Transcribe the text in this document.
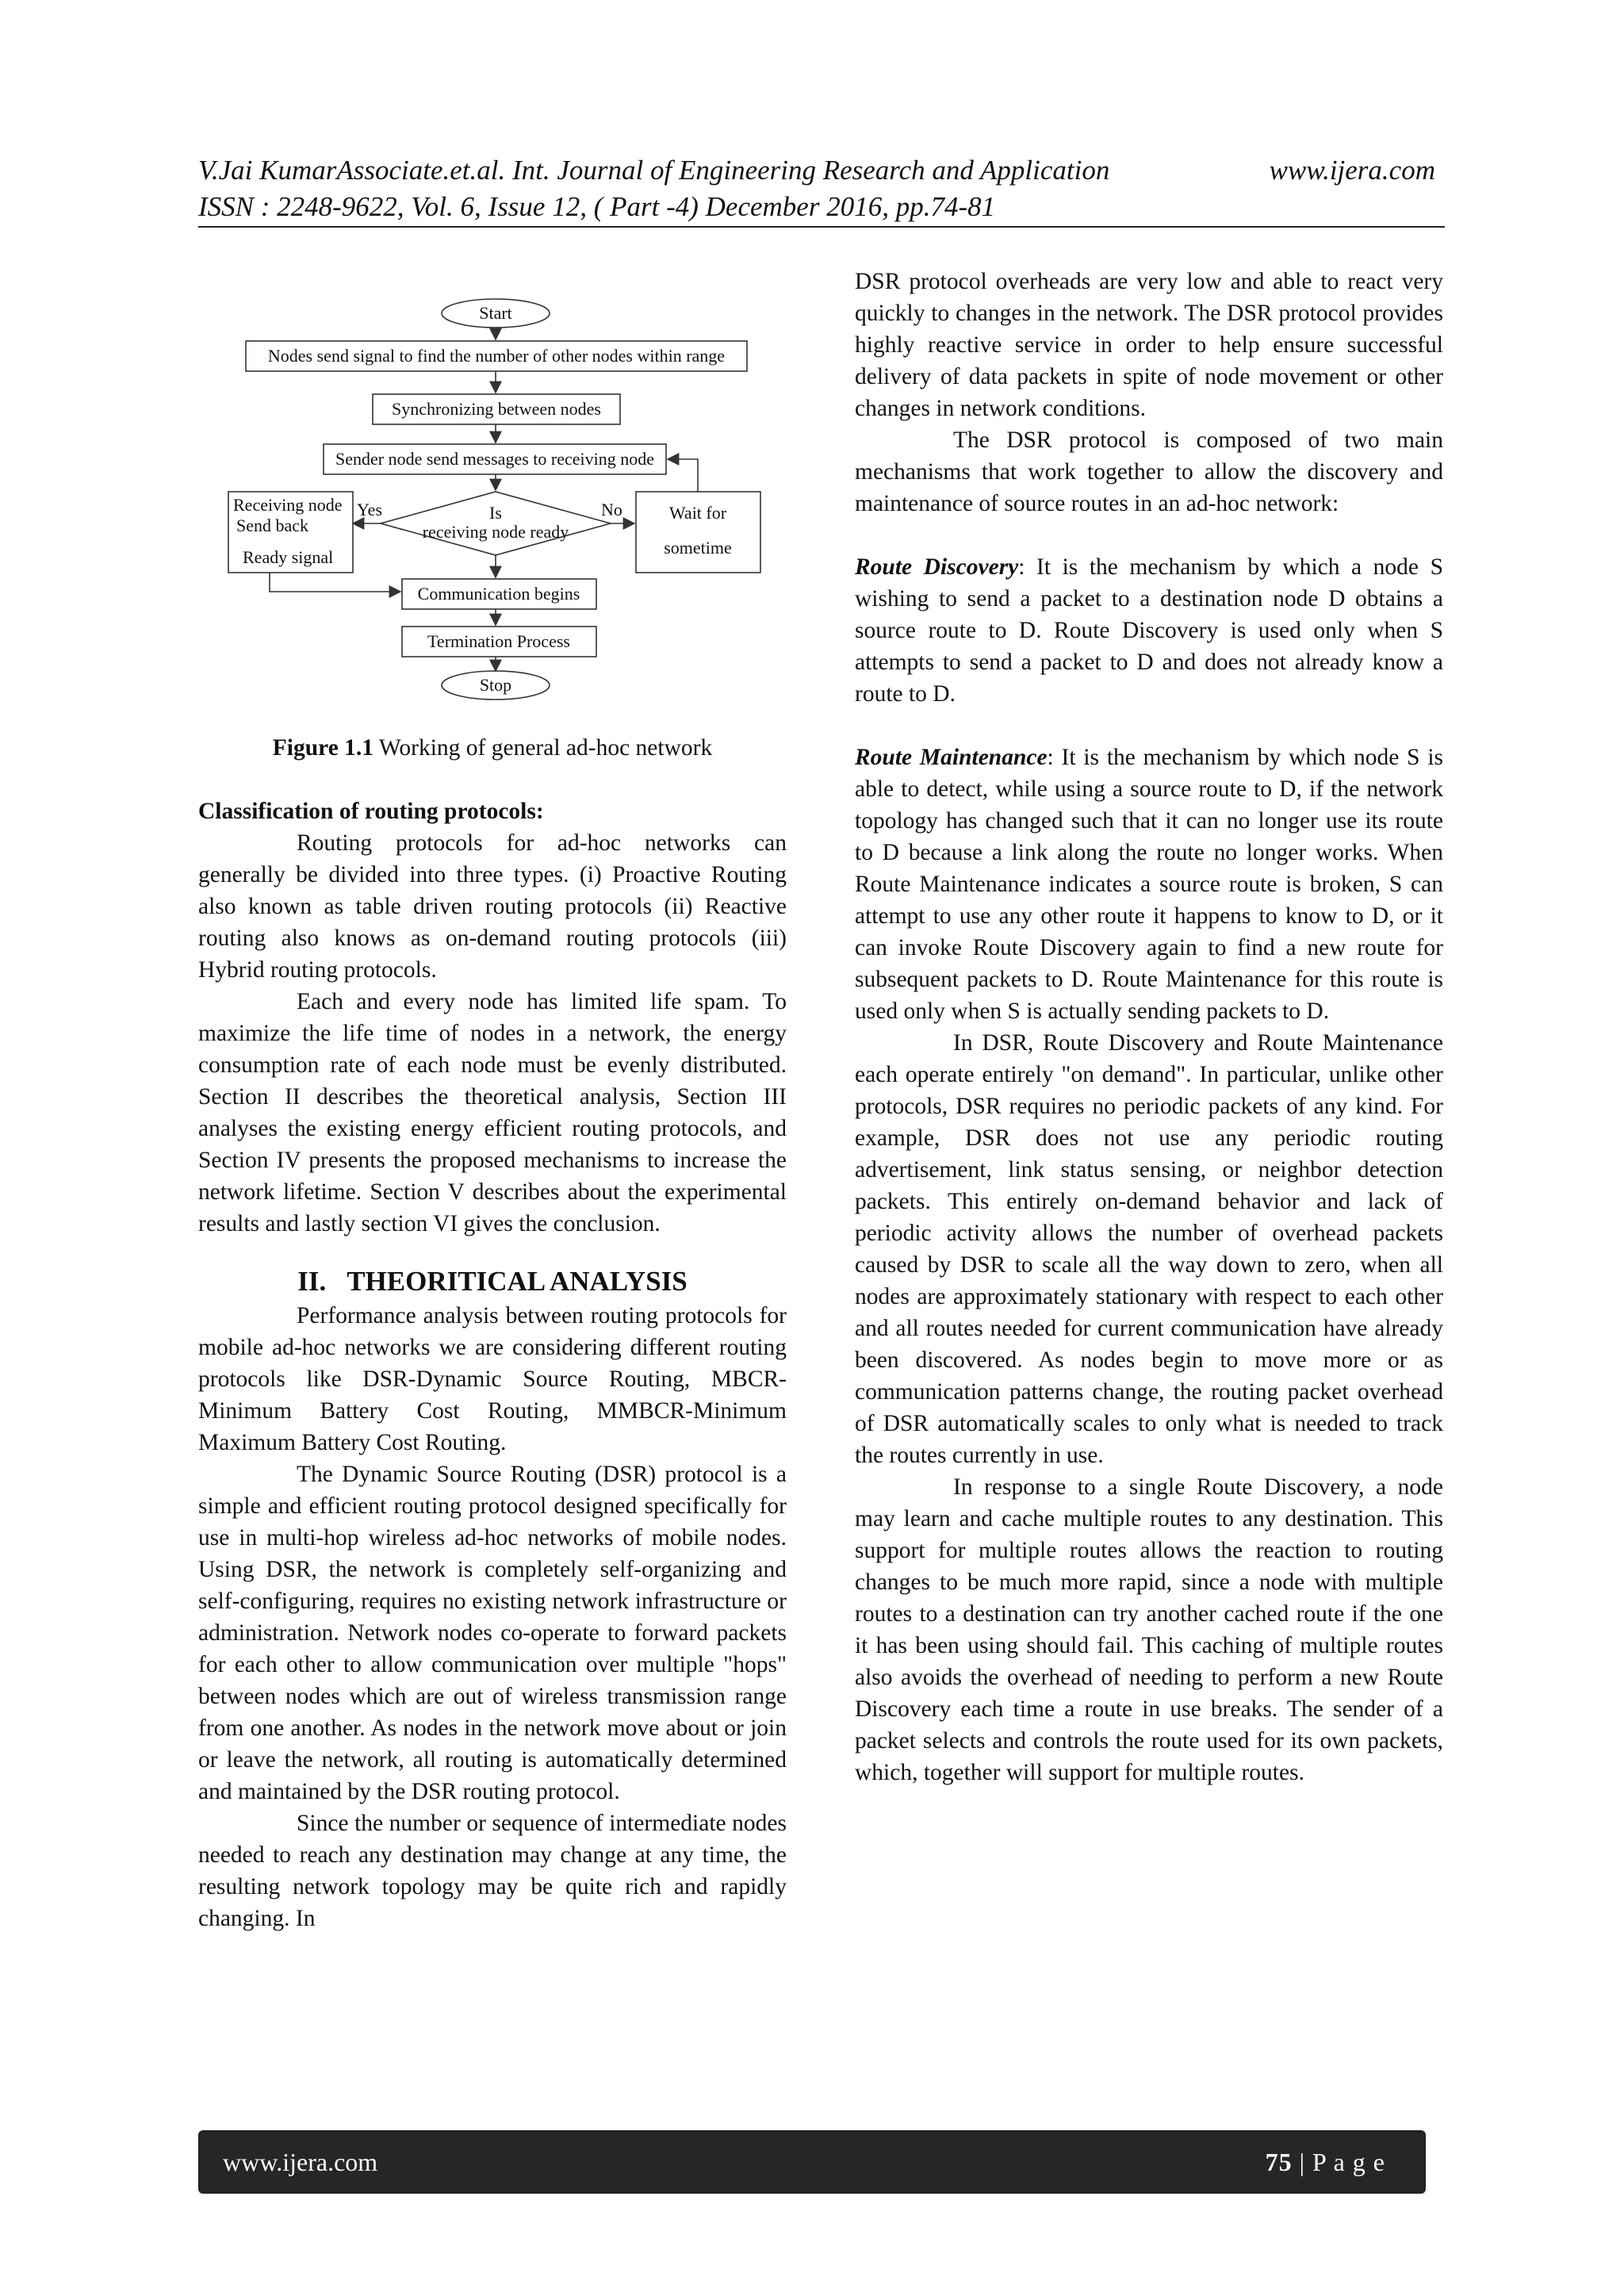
V.Jai KumarAssociate.et.al. Int. Journal of Engineering Research and Application	www.ijera.com
ISSN : 2248-9622, Vol. 6, Issue 12, ( Part -4) December 2016, pp.74-81
Start
Nodes send signal to find the number of other nodes within range
Synchronizing between nodes
Sender node send messages to receiving node
Is
receiving node ready
Yes	No
Receiving node
Send back
Ready signal
Wait for
sometime
Communication begins
Termination Process
Stop

Figure 1.1 Working of general ad-hoc network

Classification of routing protocols:

Routing protocols for ad-hoc networks can generally be divided into three types. (i) Proactive Routing also known as table driven routing protocols (ii) Reactive routing also knows as on-demand routing protocols (iii) Hybrid routing protocols.

Each and every node has limited life spam. To maximize the life time of nodes in a network, the energy consumption rate of each node must be evenly distributed. Section II describes the theoretical analysis, Section III analyses the existing energy efficient routing protocols, and Section IV presents the proposed mechanisms to increase the network lifetime. Section V describes about the experimental results and lastly section VI gives the conclusion.

II. THEORITICAL ANALYSIS

Performance analysis between routing protocols for mobile ad-hoc networks we are considering different routing protocols like DSR-Dynamic Source Routing, MBCR-Minimum Battery Cost Routing, MMBCR-Minimum Maximum Battery Cost Routing.

The Dynamic Source Routing (DSR) protocol is a simple and efficient routing protocol designed specifically for use in multi-hop wireless ad-hoc networks of mobile nodes. Using DSR, the network is completely self-organizing and self-configuring, requires no existing network infrastructure or administration. Network nodes co-operate to forward packets for each other to allow communication over multiple "hops" between nodes which are out of wireless transmission range from one another. As nodes in the network move about or join or leave the network, all routing is automatically determined and maintained by the DSR routing protocol.

Since the number or sequence of intermediate nodes needed to reach any destination may change at any time, the resulting network topology may be quite rich and rapidly changing. In

DSR protocol overheads are very low and able to react very quickly to changes in the network. The DSR protocol provides highly reactive service in order to help ensure successful delivery of data packets in spite of node movement or other changes in network conditions.

The DSR protocol is composed of two main mechanisms that work together to allow the discovery and maintenance of source routes in an ad-hoc network:

Route Discovery: It is the mechanism by which a node S wishing to send a packet to a destination node D obtains a source route to D. Route Discovery is used only when S attempts to send a packet to D and does not already know a route to D.

Route Maintenance: It is the mechanism by which node S is able to detect, while using a source route to D, if the network topology has changed such that it can no longer use its route to D because a link along the route no longer works. When Route Maintenance indicates a source route is broken, S can attempt to use any other route it happens to know to D, or it can invoke Route Discovery again to find a new route for subsequent packets to D. Route Maintenance for this route is used only when S is actually sending packets to D.

In DSR, Route Discovery and Route Maintenance each operate entirely "on demand". In particular, unlike other protocols, DSR requires no periodic packets of any kind. For example, DSR does not use any periodic routing advertisement, link status sensing, or neighbor detection packets. This entirely on-demand behavior and lack of periodic activity allows the number of overhead packets caused by DSR to scale all the way down to zero, when all nodes are approximately stationary with respect to each other and all routes needed for current communication have already been discovered. As nodes begin to move more or as communication patterns change, the routing packet overhead of DSR automatically scales to only what is needed to track the routes currently in use.

In response to a single Route Discovery, a node may learn and cache multiple routes to any destination. This support for multiple routes allows the reaction to routing changes to be much more rapid, since a node with multiple routes to a destination can try another cached route if the one it has been using should fail. This caching of multiple routes also avoids the overhead of needing to perform a new Route Discovery each time a route in use breaks. The sender of a packet selects and controls the route used for its own packets, which, together will support for multiple routes.

www.ijera.com	75 | P a g e
